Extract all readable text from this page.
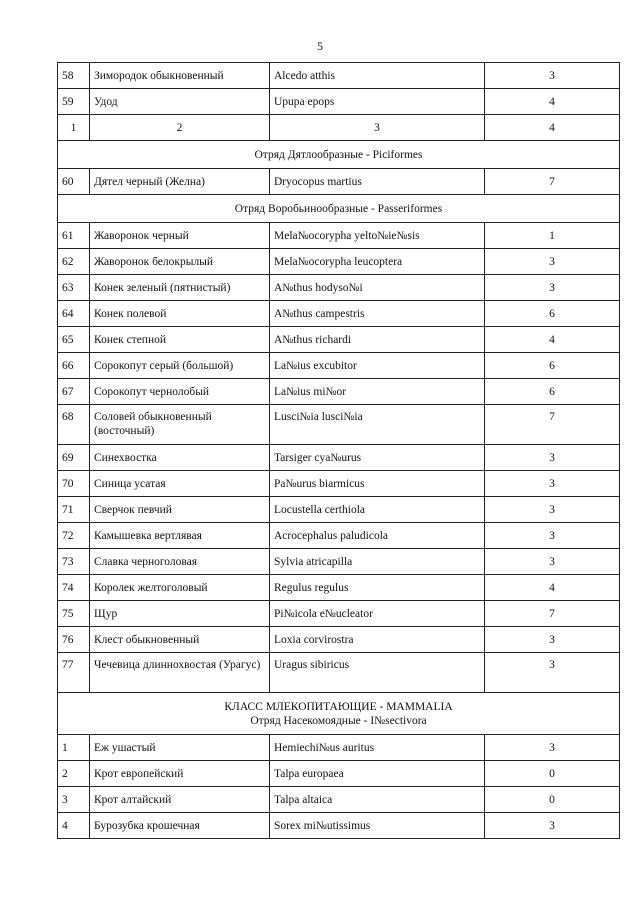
5
58	Зимородок обыкновенный	Alcedo atthis	3
59	Удод	Upupa epops	4
1	2	3	4
Отряд Дятлообразные - Piciformes			
60	Дятел черный (Желна)	Dryocopus martius	7
Отряд Воробьинообразные - Passeriformes			
61	Жаворонок черный	Mela№ocorypha yelto№ie№sis	1
62	Жаворонок белокрылый	Mela№ocorypha leucoptera	3
63	Конек зеленый (пятнистый)	A№thus hodyso№i	3
64	Конек полевой	A№thus campestris	6
65	Конек степной	A№thus richardi	4
66	Сорокопут серый (большой)	La№ius excubitor	6
67	Сорокопут чернолобый	La№ius mi№or	6
68	Соловей обыкновенный (восточный)	Lusci№ia lusci№ia	7
69	Синехвостка	Tarsiger cya№urus	3
70	Синица усатая	Pa№urus biarmicus	3
71	Сверчок певчий	Locustella certhiola	3
72	Камышевка вертлявая	Acrocephalus paludicola	3
73	Славка черноголовая	Sylvia atricapilla	3
74	Королек желтоголовый	Regulus regulus	4
75	Щур	Pi№icola e№ucleator	7
76	Клест обыкновенный	Loxia corvirostra	3
77	Чечевица длиннохвостая (Урагус)	Uragus sibiricus	3

КЛАСС МЛЕКОПИТАЮЩИЕ - MAMMALIA
Отряд Насекомоядные - I№sectivora			

1	Еж ушастый	Hemiechi№us auritus	3
2	Крот европейский	Talpa europaea	0
3	Крот алтайский	Talpa altaica	0
4	Бурозубка крошечная	Sorex mi№utissimus	3
